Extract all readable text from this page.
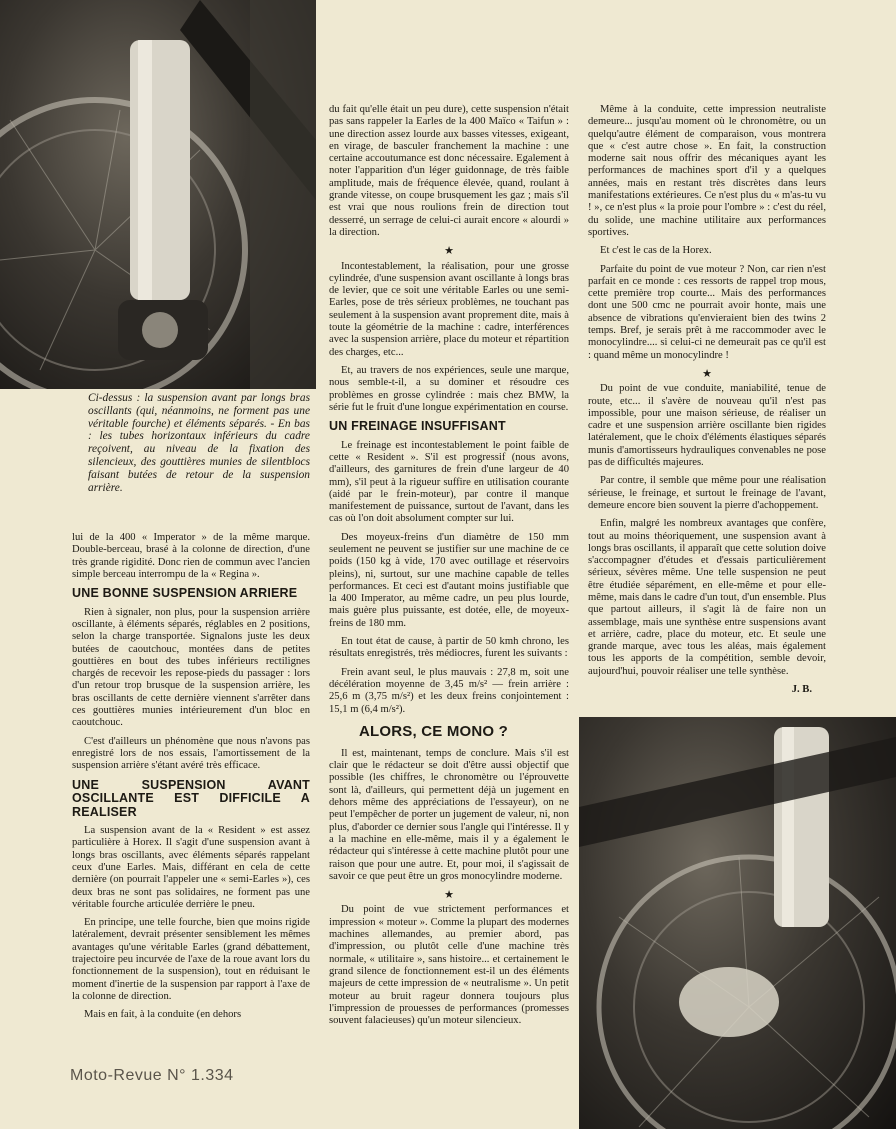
Ci-dessus : la suspension avant par longs bras oscillants (qui, néanmoins, ne forment pas une véritable fourche) et éléments séparés. - En bas : les tubes horizontaux inférieurs du cadre reçoivent, au niveau de la fixation des silencieux, des gouttières munies de silentblocs faisant butées de retour de la suspension arrière.

lui de la 400 « Imperator » de la même marque. Double-berceau, brasé à la colonne de direction, d'une très grande rigidité. Donc rien de commun avec l'ancien simple berceau interrompu de la « Regina ».

UNE BONNE SUSPENSION ARRIERE

Rien à signaler, non plus, pour la suspension arrière oscillante, à éléments séparés, réglables en 2 positions, selon la charge transportée. Signalons juste les deux butées de caoutchouc, montées dans de petites gouttières en bout des tubes inférieurs rectilignes chargés de recevoir les repose-pieds du passager : lors d'un retour trop brusque de la suspension arrière, les bras oscillants de cette dernière viennent s'arrêter dans ces gouttières munies intérieurement d'un bloc en caoutchouc.

C'est d'ailleurs un phénomène que nous n'avons pas enregistré lors de nos essais, l'amortissement de la suspension arrière s'étant avéré très efficace.

UNE SUSPENSION AVANT OSCILLANTE EST DIFFICILE A REALISER

La suspension avant de la « Resident » est assez particulière à Horex. Il s'agit d'une suspension avant à longs bras oscillants, avec éléments séparés rappelant ceux d'une Earles. Mais, différant en cela de cette dernière (on pourrait l'appeler une « semi-Earles »), ces deux bras ne sont pas solidaires, ne forment pas une véritable fourche articulée derrière le pneu.

En principe, une telle fourche, bien que moins rigide latéralement, devrait présenter sensiblement les mêmes avantages qu'une véritable Earles (grand débattement, trajectoire peu incurvée de l'axe de la roue avant lors du fonctionnement de la suspension), tout en réduisant le moment d'inertie de la suspension par rapport à l'axe de la colonne de direction.

Mais en fait, à la conduite (en dehors

du fait qu'elle était un peu dure), cette suspension n'était pas sans rappeler la Earles de la 400 Maïco « Taifun » : une direction assez lourde aux basses vitesses, exigeant, en virage, de basculer franchement la machine : une certaine accoutumance est donc nécessaire. Egalement à noter l'apparition d'un léger guidonnage, de très faible amplitude, mais de fréquence élevée, quand, roulant à grande vitesse, on coupe brusquement les gaz ; mais s'il est vrai que nous roulions frein de direction tout desserré, un serrage de celui-ci aurait encore « alourdi » la direction.

★

Incontestablement, la réalisation, pour une grosse cylindrée, d'une suspension avant oscillante à longs bras de levier, que ce soit une véritable Earles ou une semi-Earles, pose de très sérieux problèmes, ne touchant pas seulement à la suspension avant proprement dite, mais à toute la géométrie de la machine : cadre, interférences avec la suspension arrière, place du moteur et répartition des charges, etc...

Et, au travers de nos expériences, seule une marque, nous semble-t-il, a su dominer et résoudre ces problèmes en grosse cylindrée : mais chez BMW, la série fut le fruit d'une longue expérimentation en course.

UN FREINAGE INSUFFISANT

Le freinage est incontestablement le point faible de cette « Resident ». S'il est progressif (nous avons, d'ailleurs, des garnitures de frein d'une largeur de 40 mm), s'il peut à la rigueur suffire en utilisation courante (aidé par le frein-moteur), par contre il manque manifestement de puissance, surtout de l'avant, dans les cas où l'on doit absolument compter sur lui.

Des moyeux-freins d'un diamètre de 150 mm seulement ne peuvent se justifier sur une machine de ce poids (150 kg à vide, 170 avec outillage et réservoirs pleins), ni, surtout, sur une machine capable de telles performances. Et ceci est d'autant moins justifiable que la 400 Imperator, au même cadre, un peu plus lourde, mais guère plus puissante, est dotée, elle, de moyeux-freins de 180 mm.

En tout état de cause, à partir de 50 kmh chrono, les résultats enregistrés, très médiocres, furent les suivants :

Frein avant seul, le plus mauvais : 27,8 m, soit une décélération moyenne de 3,45 m/s² — frein arrière : 25,6 m (3,75 m/s²) et les deux freins conjointement : 15,1 m (6,4 m/s²).

ALORS, CE MONO ?

Il est, maintenant, temps de conclure. Mais s'il est clair que le rédacteur se doit d'être aussi objectif que possible (les chiffres, le chronomètre ou l'éprouvette sont là, d'ailleurs, qui permettent déjà un jugement en dehors même des appréciations de l'essayeur), on ne peut l'empêcher de porter un jugement de valeur, ni, non plus, d'aborder ce dernier sous l'angle qui l'intéresse. Il y a la machine en elle-même, mais il y a également le rédacteur qui s'intéresse à cette machine plutôt pour une raison que pour une autre. Et, pour moi, il s'agissait de savoir ce que peut être un gros monocylindre moderne.

★

Du point de vue strictement performances et impression « moteur ». Comme la plupart des modernes machines allemandes, au premier abord, pas d'impression, ou plutôt celle d'une machine très normale, « utilitaire », sans histoire... et certainement le grand silence de fonctionnement est-il un des éléments majeurs de cette impression de « neutralisme ». Un petit moteur au bruit rageur donnera toujours plus l'impression de prouesses de performances (promesses souvent falacieuses) qu'un moteur silencieux.

Même à la conduite, cette impression neutraliste demeure... jusqu'au moment où le chronomètre, ou un quelqu'autre élément de comparaison, vous montrera que « c'est autre chose ». En fait, la construction moderne sait nous offrir des mécaniques ayant les performances de machines sport d'il y a quelques années, mais en restant très discrètes dans leurs manifestations extérieures. Ce n'est plus du « m'as-tu vu ! », ce n'est plus « la proie pour l'ombre » : c'est du réel, du solide, une machine utilitaire aux performances sportives.

Et c'est le cas de la Horex.

Parfaite du point de vue moteur ? Non, car rien n'est parfait en ce monde : ces ressorts de rappel trop mous, cette première trop courte... Mais des performances dont une 500 cmc ne pourrait avoir honte, mais une absence de vibrations qu'envieraient bien des twins 2 temps. Bref, je serais prêt à me raccommoder avec le monocylindre.... si celui-ci ne demeurait pas ce qu'il est : quand même un monocylindre !

★

Du point de vue conduite, maniabilité, tenue de route, etc... il s'avère de nouveau qu'il n'est pas impossible, pour une maison sérieuse, de réaliser un cadre et une suspension arrière oscillante bien rigides latéralement, que le choix d'éléments élastiques séparés munis d'amortisseurs hydrauliques convenables ne pose pas de difficultés majeures.

Par contre, il semble que même pour une réalisation sérieuse, le freinage, et surtout le freinage de l'avant, demeure encore bien souvent la pierre d'achoppement.

Enfin, malgré les nombreux avantages que confère, tout au moins théoriquement, une suspension avant à longs bras oscillants, il apparaît que cette solution doive s'accompagner d'études et d'essais particulièrement sérieux, sévères même. Une telle suspension ne peut être étudiée séparément, en elle-même et pour elle-même, mais dans le cadre d'un tout, d'un ensemble. Plus que partout ailleurs, il s'agit là de faire non un assemblage, mais une synthèse entre suspensions avant et arrière, cadre, place du moteur, etc. Et seule une grande marque, avec tous les aléas, mais également tous les apports de la compétition, semble devoir, aujourd'hui, pouvoir réaliser une telle synthèse.

J. B.

Moto-Revue N° 1.334
